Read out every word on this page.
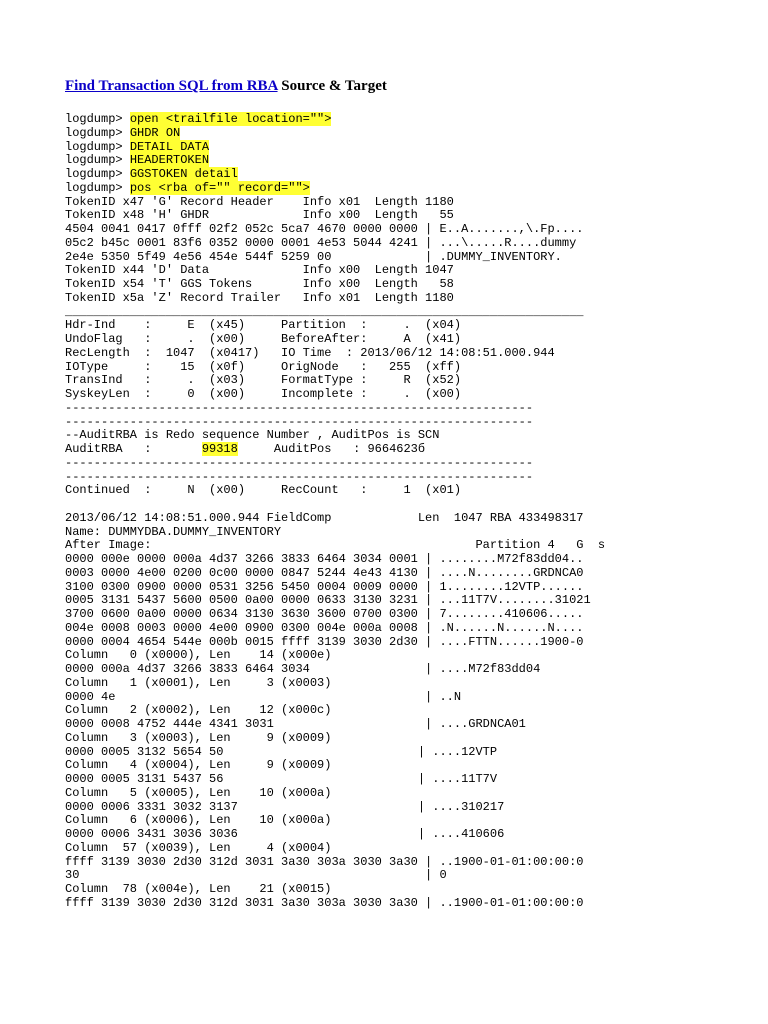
Find Transaction SQL from RBA Source & Target
logdump> open <trailfile location="">
logdump> GHDR ON
logdump> DETAIL DATA
logdump> HEADERTOKEN
logdump> GGSTOKEN detail
logdump> pos <rba of="" record="">
TokenID x47 'G' Record Header    Info x01  Length 1180
TokenID x48 'H' GHDR             Info x00  Length   55
4504 0041 0417 0fff 02f2 052c 5ca7 4670 0000 0000 | E..A.......,\.Fp....
05c2 b45c 0001 83f6 0352 0000 0001 4e53 5044 4241 | ...\.....R....dummy
2e4e 5350 5f49 4e56 454e 544f 5259 00             | .DUMMY_INVENTORY.
TokenID x44 'D' Data             Info x00  Length 1047
TokenID x54 'T' GGS Tokens       Info x00  Length   58
TokenID x5a 'Z' Record Trailer   Info x01  Length 1180
________________________________________________________________________
Hdr-Ind    :     E  (x45)     Partition  :     .  (x04)
UndoFlag   :     .  (x00)     BeforeAfter:     A  (x41)
RecLength  :  1047  (x0417)   IO Time  : 2013/06/12 14:08:51.000.944
IOType     :    15  (x0f)     OrigNode   :   255  (xff)
TransInd   :     .  (x03)     FormatType :     R  (x52)
SyskeyLen  :     0  (x00)     Incomplete :     .  (x00)
-----------------------------------------------------------------
-----------------------------------------------------------------
--AuditRBA is Redo sequence Number , AuditPos is SCN
AuditRBA   :       99318     AuditPos   : 9664623б
-----------------------------------------------------------------
-----------------------------------------------------------------
Continued  :     N  (x00)     RecCount   :     1  (x01)
2013/06/12 14:08:51.000.944 FieldComp            Len  1047 RBA 433498317
Name: DUMMYDBA.DUMMY_INVENTORY
After Image:                                             Partition 4   G  s
0000 000e 0000 000a 4d37 3266 3833 6464 3034 0001 | ........M72f83dd04..
0003 0000 4e00 0200 0c00 0000 0847 5244 4e43 4130 | ....N........GRDNCA0
3100 0300 0900 0000 0531 3256 5450 0004 0009 0000 | 1........12VTP......
0005 3131 5437 5600 0500 0a00 0000 0633 3130 3231 | ...11T7V........31021
3700 0600 0a00 0000 0634 3130 3630 3600 0700 0300 | 7........410606.....
004e 0008 0003 0000 4e00 0900 0300 004e 000a 0008 | .N......N......N....
0000 0004 4654 544e 000b 0015 ffff 3139 3030 2d30 | ....FTTN......1900-0
Column   0 (x0000), Len    14 (x000e)
0000 000a 4d37 3266 3833 6464 3034                | ....M72f83dd04
Column   1 (x0001), Len     3 (x0003)
0000 4e                                           | ..N
Column   2 (x0002), Len    12 (x000c)
0000 0008 4752 444e 4341 3031                     | ....GRDNCA01
Column   3 (x0003), Len     9 (x0009)
0000 0005 3132 5654 50                           | ....12VTP
Column   4 (x0004), Len     9 (x0009)
0000 0005 3131 5437 56                           | ....11T7V
Column   5 (x0005), Len    10 (x000a)
0000 0006 3331 3032 3137                         | ....310217
Column   6 (x0006), Len    10 (x000a)
0000 0006 3431 3036 3036                         | ....410606
Column  57 (x0039), Len     4 (x0004)
ffff 3139 3030 2d30 312d 3031 3a30 303a 3030 3a30 | ..1900-01-01:00:00:0
30                                                | 0
Column  78 (x004e), Len    21 (x0015)
ffff 3139 3030 2d30 312d 3031 3a30 303a 3030 3a30 | ..1900-01-01:00:00:0
